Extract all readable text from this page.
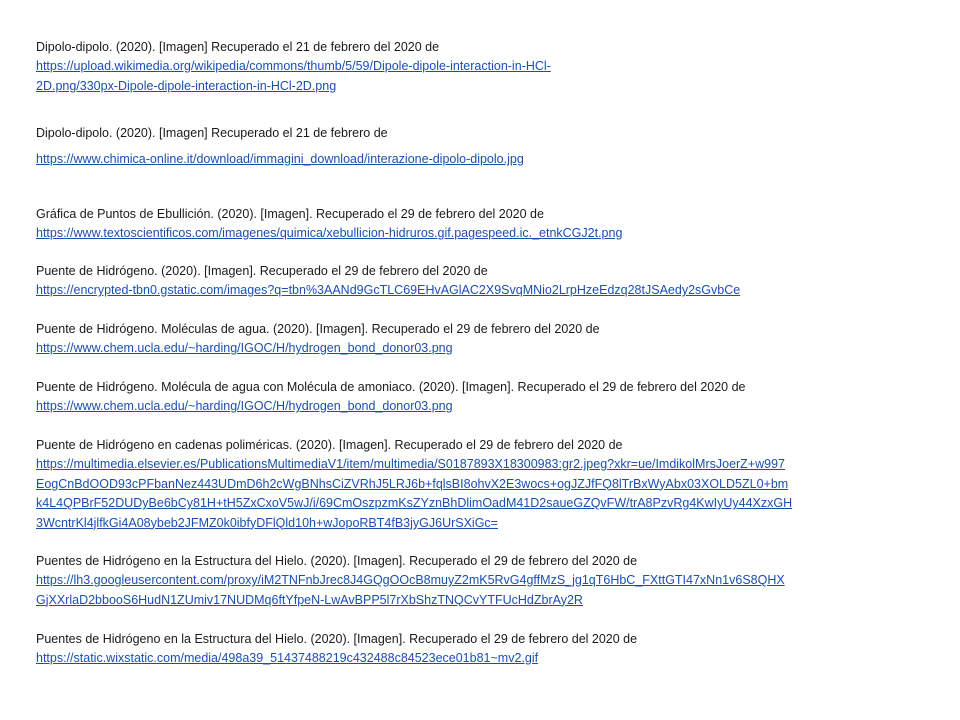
Dipolo-dipolo. (2020). [Imagen] Recuperado el 21 de febrero del 2020 de
https://upload.wikimedia.org/wikipedia/commons/thumb/5/59/Dipole-dipole-interaction-in-HCl-
2D.png/330px-Dipole-dipole-interaction-in-HCl-2D.png
Dipolo-dipolo. (2020). [Imagen] Recuperado el 21 de febrero de
https://www.chimica-online.it/download/immagini_download/interazione-dipolo-dipolo.jpg
Gráfica de Puntos de Ebullición. (2020). [Imagen]. Recuperado el 29 de febrero del 2020 de
https://www.textoscientificos.com/imagenes/quimica/xebullicion-hidruros.gif.pagespeed.ic._etnkCGJ2t.png
Puente de Hidrógeno. (2020). [Imagen]. Recuperado el 29 de febrero del 2020 de
https://encrypted-tbn0.gstatic.com/images?q=tbn%3AANd9GcTLC69EHvAGlAC2X9SvqMNio2LrpHzeEdzq28tJSAedy2sGvbCe
Puente de Hidrógeno. Moléculas de agua. (2020). [Imagen]. Recuperado el 29 de febrero del 2020 de
https://www.chem.ucla.edu/~harding/IGOC/H/hydrogen_bond_donor03.png
Puente de Hidrógeno. Molécula de agua con Molécula de amoniaco. (2020). [Imagen]. Recuperado el 29 de febrero del 2020 de
https://www.chem.ucla.edu/~harding/IGOC/H/hydrogen_bond_donor03.png
Puente de Hidrógeno en cadenas poliméricas. (2020). [Imagen]. Recuperado el 29 de febrero del 2020 de
https://multimedia.elsevier.es/PublicationsMultimediaV1/item/multimedia/S0187893X18300983:gr2.jpeg?xkr=ue/ImdikolMrsJoerZ+w997
EogCnBdOOD93cPFbanNez443UDmD6h2cWgBNhsCiZVRhJ5LRJ6b+fqlsBI8ohvX2E3wocs+ogJZJfFQ8lTrBxWyAbx03XOLD5ZL0+bm
k4L4QPBrF52DUDyBe6bCy81H+tH5ZxCxoV5wJ/i/69CmOszpzmKsZYznBhDlimOadM41D2saueGZQvFW/trA8PzvRg4KwIyUy44XzxGH
3WcntrKl4jlfkGi4A08ybeb2JFMZ0k0ibfyDFlQld10h+wJopoRBT4fB3jyGJ6UrSXiGc=
Puentes de Hidrógeno en la Estructura del Hielo. (2020). [Imagen]. Recuperado el 29 de febrero del 2020 de
https://lh3.googleusercontent.com/proxy/iM2TNFnbJrec8J4GQgOOcB8muyZ2mK5RvG4gffMzS_jg1qT6HbC_FXttGTI47xNn1v6S8QHX
GjXXrlaD2bbooS6HudN1ZUmiv17NUDMq6ftYfpeN-LwAvBPP5l7rXbShzTNQCvYTFUcHdZbrAy2R
Puentes de Hidrógeno en la Estructura del Hielo. (2020). [Imagen]. Recuperado el 29 de febrero del 2020 de
https://static.wixstatic.com/media/498a39_51437488219c432488c84523ece01b81~mv2.gif
